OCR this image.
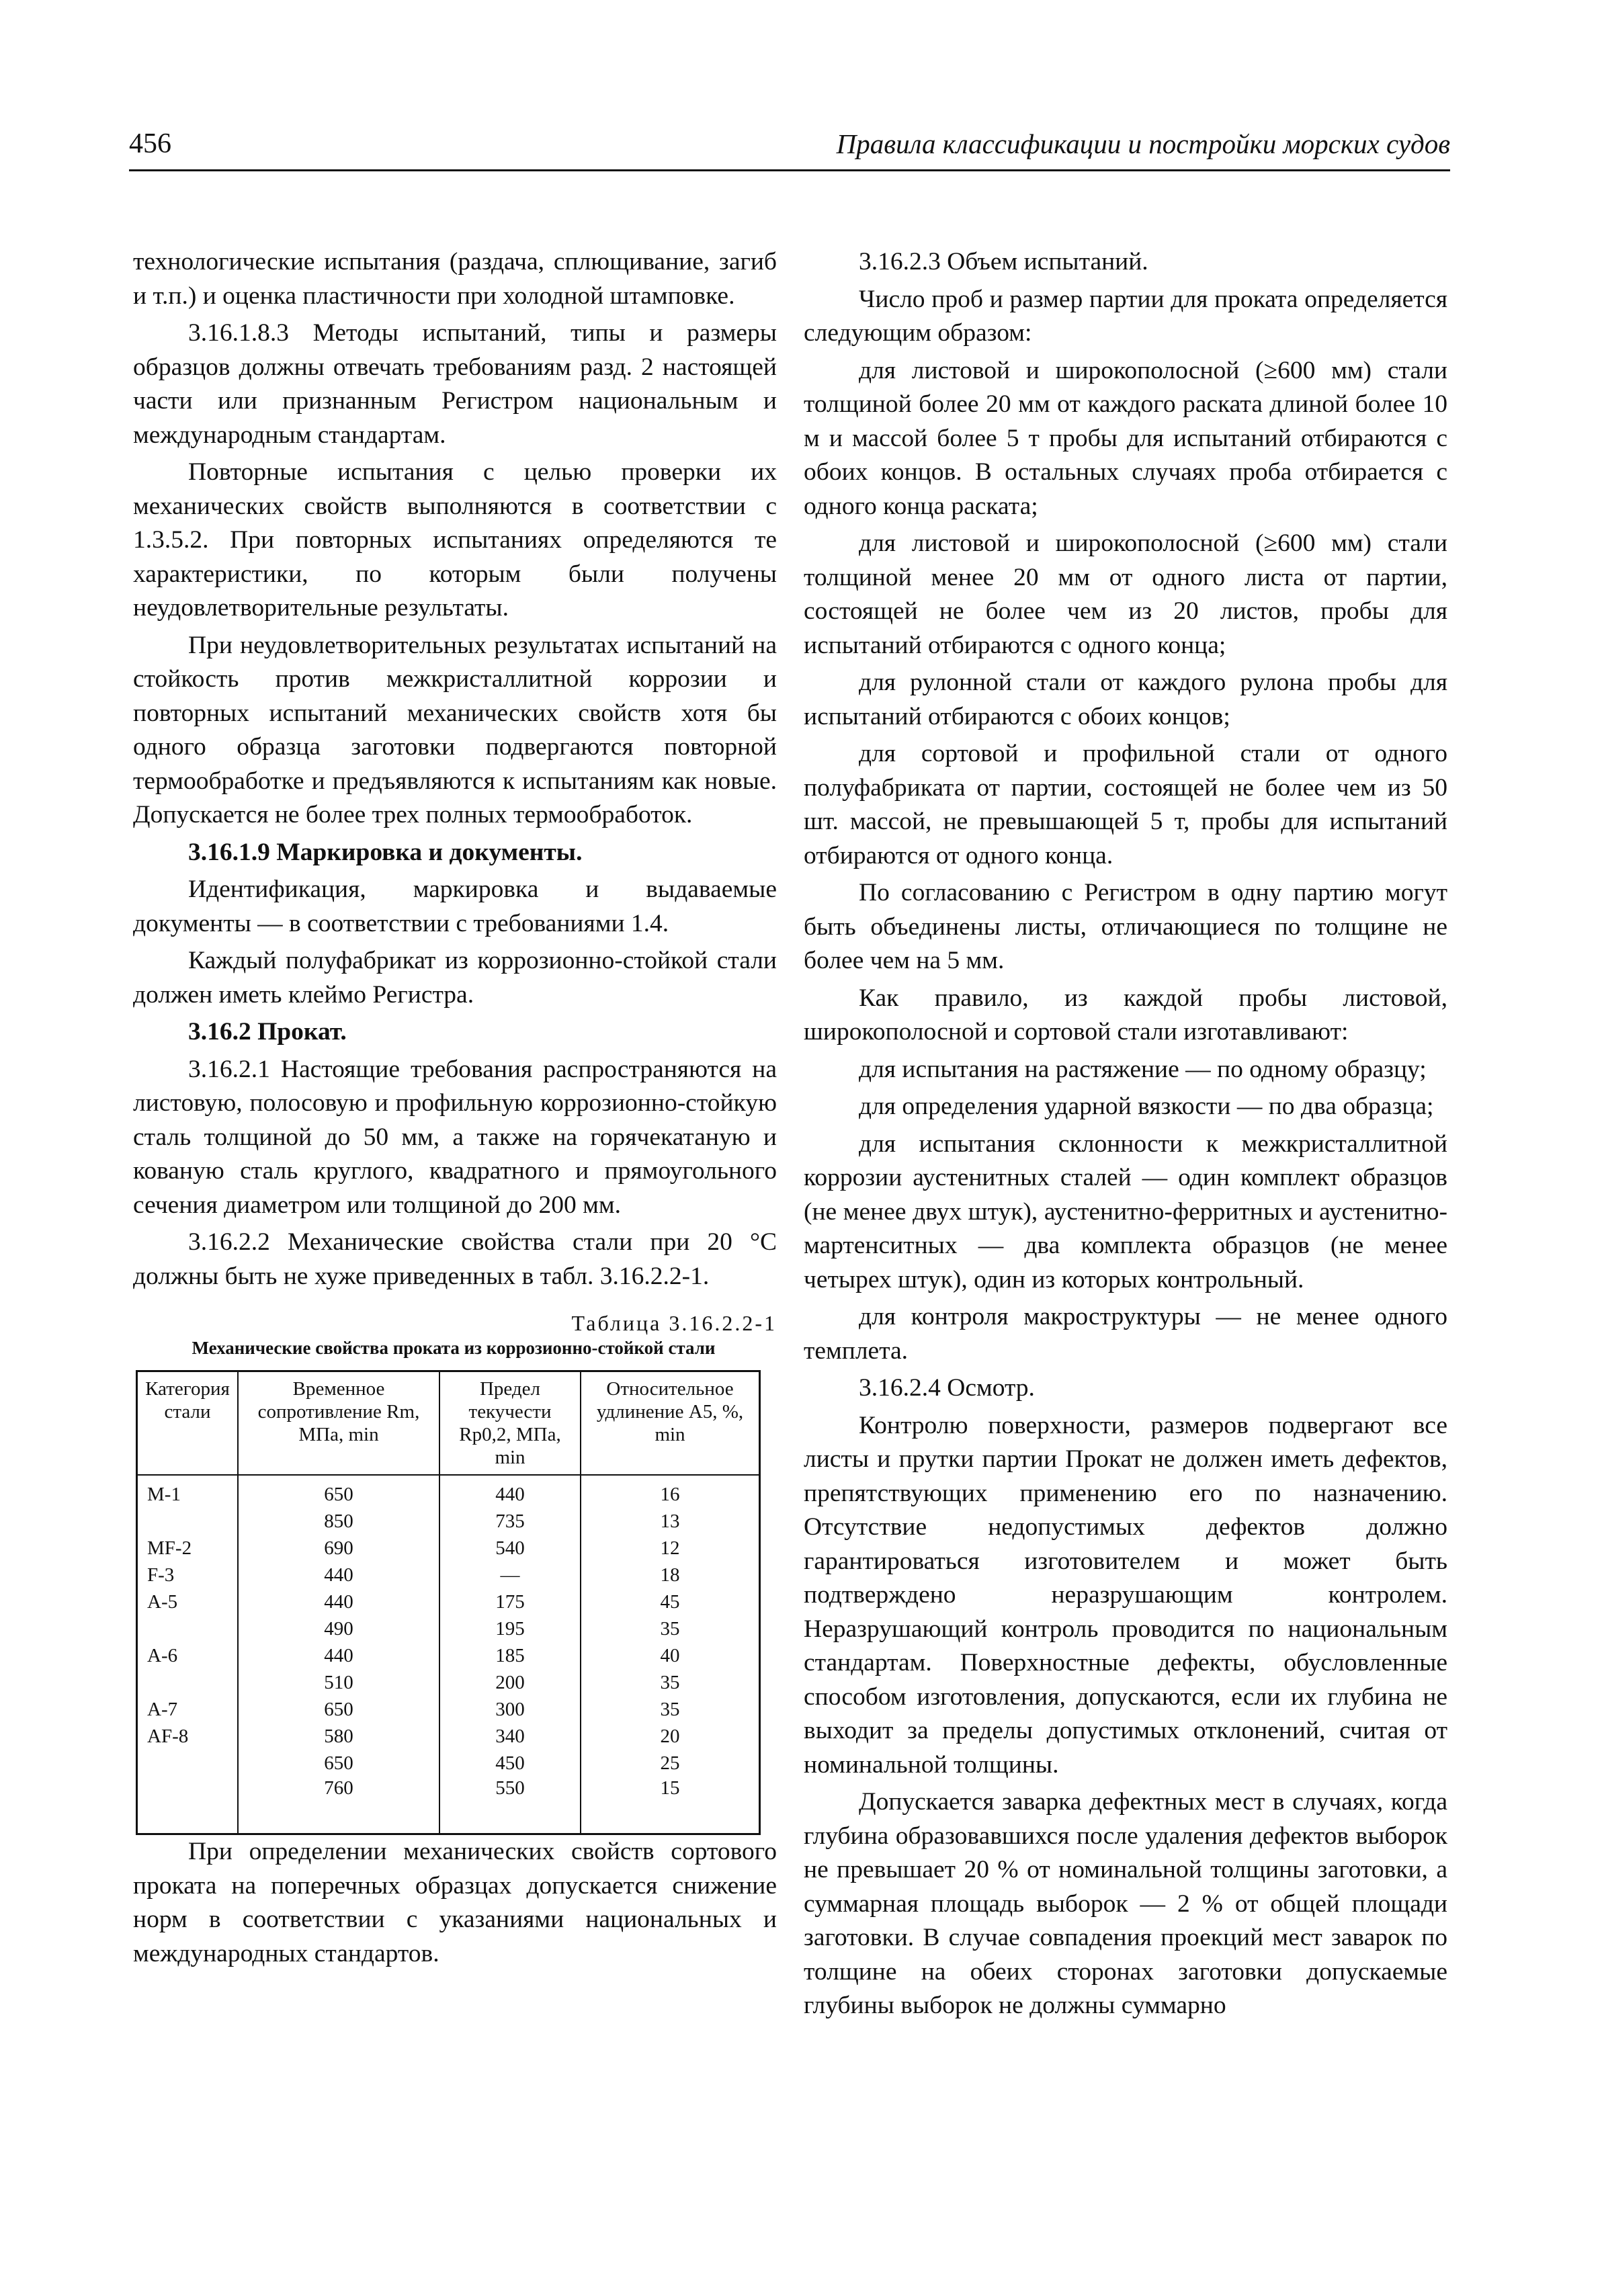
456	Правила классификации и постройки морских судов

технологические испытания (раздача, сплющивание, загиб и т.п.) и оценка пластичности при холодной штамповке.

3.16.1.8.3 Методы испытаний, типы и размеры образцов должны отвечать требованиям разд. 2 настоящей части или признанным Регистром национальным и международным стандартам.

Повторные испытания с целью проверки их механических свойств выполняются в соответствии с 1.3.5.2. При повторных испытаниях определяются те характеристики, по которым были получены неудовлетворительные результаты.

При неудовлетворительных результатах испытаний на стойкость против межкристаллитной коррозии и повторных испытаний механических свойств хотя бы одного образца заготовки подвергаются повторной термообработке и предъявляются к испытаниям как новые. Допускается не более трех полных термообработок.

3.16.1.9 Маркировка и документы.

Идентификация, маркировка и выдаваемые документы — в соответствии с требованиями 1.4.

Каждый полуфабрикат из коррозионно-стойкой стали должен иметь клеймо Регистра.

3.16.2 Прокат.

3.16.2.1 Настоящие требования распространяются на листовую, полосовую и профильную коррозионно-стойкую сталь толщиной до 50 мм, а также на горячекатаную и кованую сталь круглого, квадратного и прямоугольного сечения диаметром или толщиной до 200 мм.

3.16.2.2 Механические свойства стали при 20 °С должны быть не хуже приведенных в табл. 3.16.2.2-1.

Таблица 3.16.2.2-1
Механические свойства проката из коррозионно-стойкой стали
Категория стали	Временное сопротивление Rm, МПа, min	Предел текучести Rp0,2, МПа, min	Относительное удлинение A5, %, min
M-1	650	440	16
	850	735	13
MF-2	690	540	12
F-3	440	—	18
A-5	440	175	45
	490	195	35
A-6	440	185	40
	510	200	35
A-7	650	300	35
AF-8	580	340	20
	650	450	25
	760	550	15

При определении механических свойств сортового проката на поперечных образцах допускается снижение норм в соответствии с указаниями национальных и международных стандартов.

3.16.2.3 Объем испытаний.

Число проб и размер партии для проката определяется следующим образом:

для листовой и широкополосной (≥600 мм) стали толщиной более 20 мм от каждого раската длиной более 10 м и массой более 5 т пробы для испытаний отбираются с обоих концов. В остальных случаях проба отбирается с одного конца раската;

для листовой и широкополосной (≥600 мм) стали толщиной менее 20 мм от одного листа от партии, состоящей не более чем из 20 листов, пробы для испытаний отбираются с одного конца;

для рулонной стали от каждого рулона пробы для испытаний отбираются с обоих концов;

для сортовой и профильной стали от одного полуфабриката от партии, состоящей не более чем из 50 шт. массой, не превышающей 5 т, пробы для испытаний отбираются от одного конца.

По согласованию с Регистром в одну партию могут быть объединены листы, отличающиеся по толщине не более чем на 5 мм.

Как правило, из каждой пробы листовой, широкополосной и сортовой стали изготавливают:

для испытания на растяжение — по одному образцу;

для определения ударной вязкости — по два образца;

для испытания склонности к межкристаллитной коррозии аустенитных сталей — один комплект образцов (не менее двух штук), аустенитно-ферритных и аустенитно-мартенситных — два комплекта образцов (не менее четырех штук), один из которых контрольный.

для контроля макроструктуры — не менее одного темплета.

3.16.2.4 Осмотр.

Контролю поверхности, размеров подвергают все листы и прутки партии Прокат не должен иметь дефектов, препятствующих применению его по назначению. Отсутствие недопустимых дефектов должно гарантироваться изготовителем и может быть подтверждено неразрушающим контролем. Неразрушающий контроль проводится по национальным стандартам. Поверхностные дефекты, обусловленные способом изготовления, допускаются, если их глубина не выходит за пределы допустимых отклонений, считая от номинальной толщины.

Допускается заварка дефектных мест в случаях, когда глубина образовавшихся после удаления дефектов выборок не превышает 20 % от номинальной толщины заготовки, а суммарная площадь выборок — 2 % от общей площади заготовки. В случае совпадения проекций мест заварок по толщине на обеих сторонах заготовки допускаемые глубины выборок не должны суммарно
